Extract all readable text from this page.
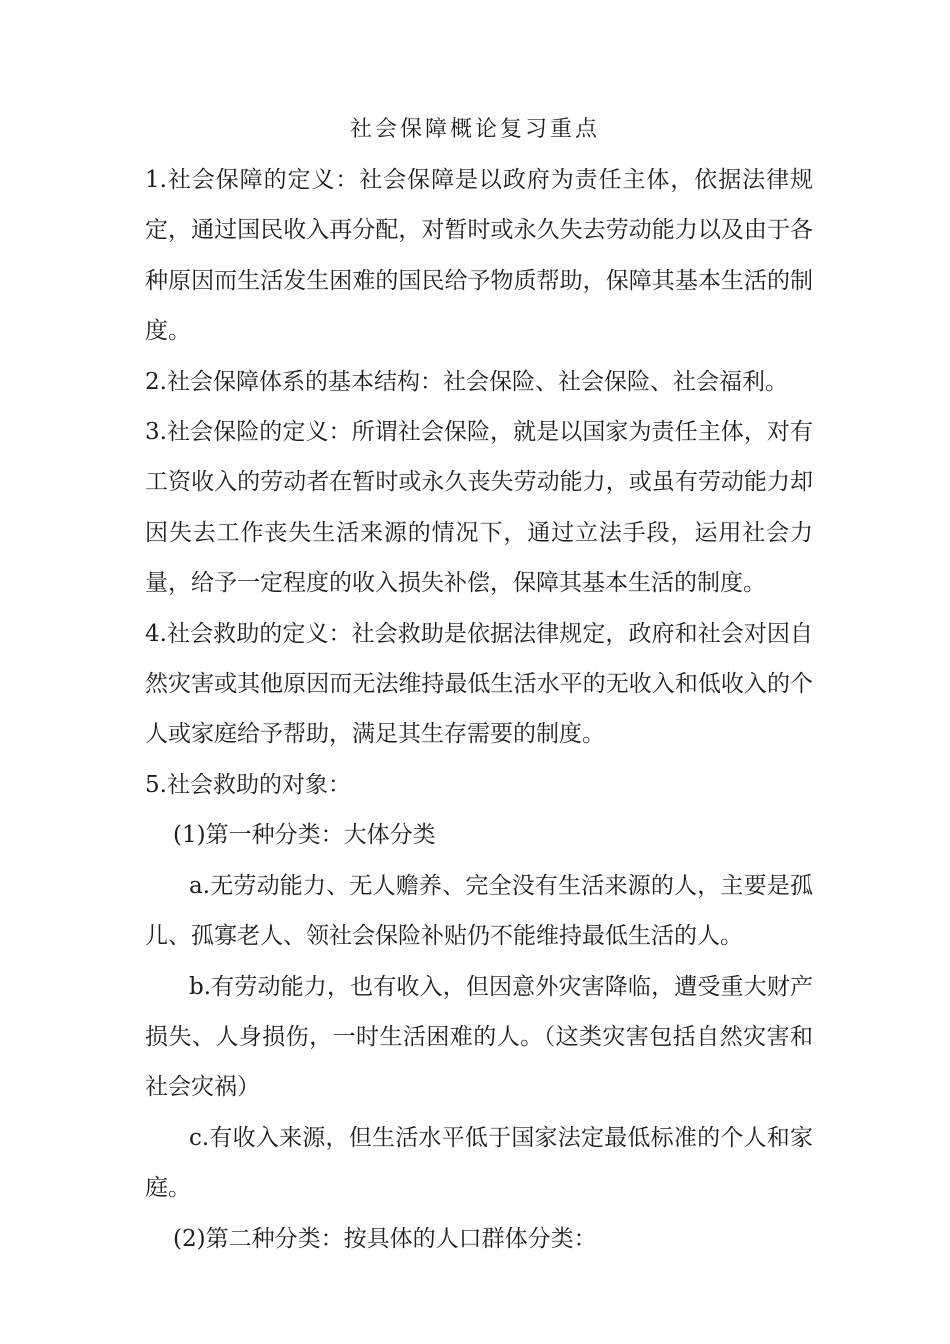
社会保障概论复习重点

1.社会保障的定义：社会保障是以政府为责任主体，依据法律规定，通过国民收入再分配，对暂时或永久失去劳动能力以及由于各种原因而生活发生困难的国民给予物质帮助，保障其基本生活的制度。

2.社会保障体系的基本结构：社会保险、社会保险、社会福利。

3.社会保险的定义：所谓社会保险，就是以国家为责任主体，对有工资收入的劳动者在暂时或永久丧失劳动能力，或虽有劳动能力却因失去工作丧失生活来源的情况下，通过立法手段，运用社会力量，给予一定程度的收入损失补偿，保障其基本生活的制度。

4.社会救助的定义：社会救助是依据法律规定，政府和社会对因自然灾害或其他原因而无法维持最低生活水平的无收入和低收入的个人或家庭给予帮助，满足其生存需要的制度。

5.社会救助的对象：

(1)第一种分类：大体分类

a.无劳动能力、无人赡养、完全没有生活来源的人，主要是孤儿、孤寡老人、领社会保险补贴仍不能维持最低生活的人。

b.有劳动能力，也有收入，但因意外灾害降临，遭受重大财产损失、人身损伤，一时生活困难的人。（这类灾害包括自然灾害和社会灾祸）

c.有收入来源，但生活水平低于国家法定最低标准的个人和家庭。

(2)第二种分类：按具体的人口群体分类：
